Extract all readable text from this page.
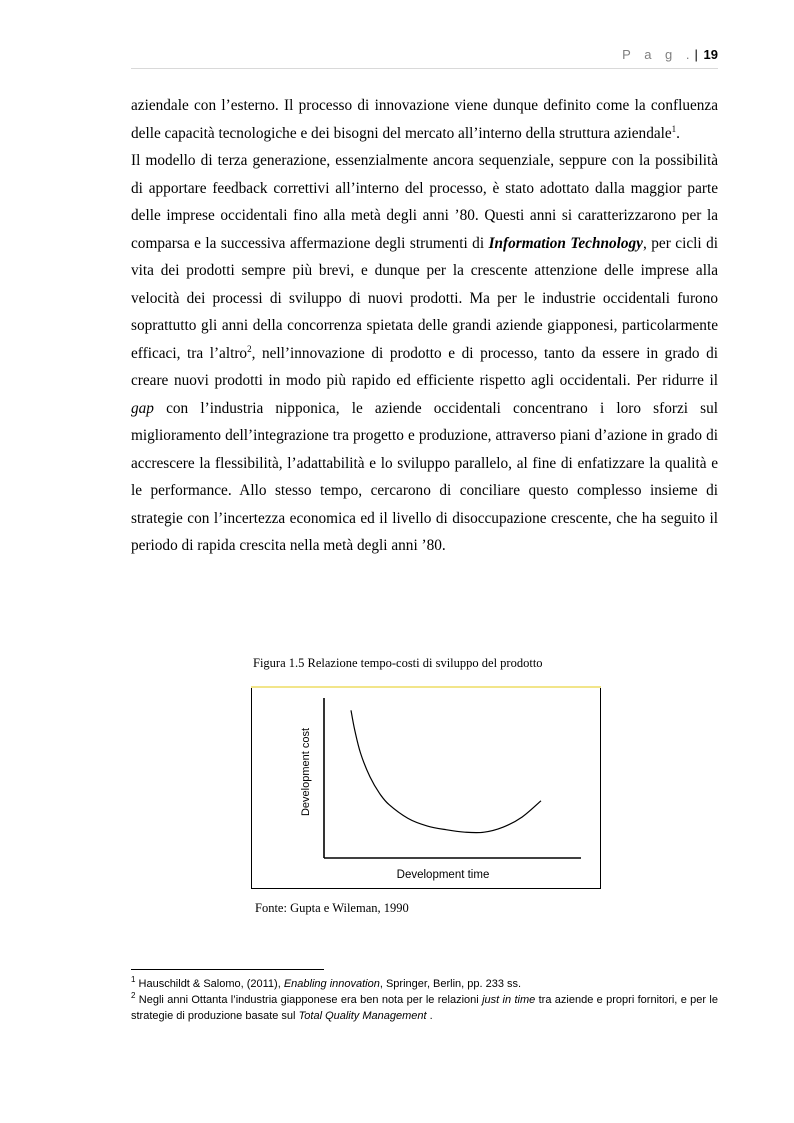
P a g .| 19

aziendale con l’esterno. Il processo di innovazione viene dunque definito come la confluenza delle capacità tecnologiche e dei bisogni del mercato all’interno della struttura aziendale$^1$.

Il modello di terza generazione, essenzialmente ancora sequenziale, seppure con la possibilità di apportare feedback correttivi all’interno del processo, è stato adottato dalla maggior parte delle imprese occidentali fino alla metà degli anni ’80. Questi anni si caratterizzarono per la comparsa e la successiva affermazione degli strumenti di Information Technology, per cicli di vita dei prodotti sempre più brevi, e dunque per la crescente attenzione delle imprese alla velocità dei processi di sviluppo di nuovi prodotti. Ma per le industrie occidentali furono soprattutto gli anni della concorrenza spietata delle grandi aziende giapponesi, particolarmente efficaci, tra l’altro$^2$, nell’innovazione di prodotto e di processo, tanto da essere in grado di creare nuovi prodotti in modo più rapido ed efficiente rispetto agli occidentali. Per ridurre il gap con l’industria nipponica, le aziende occidentali concentrano i loro sforzi sul miglioramento dell’integrazione tra progetto e produzione, attraverso piani d’azione in grado di accrescere la flessibilità, l’adattabilità e lo sviluppo parallelo, al fine di enfatizzare la qualità e le performance. Allo stesso tempo, cercarono di conciliare questo complesso insieme di strategie con l’incertezza economica ed il livello di disoccupazione crescente, che ha seguito il periodo di rapida crescita nella metà degli anni ’80.

Figura 1.5 Relazione tempo-costi di sviluppo del prodotto
Development time
Development cost
Fonte: Gupta e Wileman, 1990

$^1$ Hauschildt & Salomo, (2011), Enabling innovation, Springer, Berlin, pp. 233 ss.

$^2$ Negli anni Ottanta l’industria giapponese era ben nota per le relazioni just in time tra aziende e propri fornitori, e per le strategie di produzione basate sul Total Quality Management .
